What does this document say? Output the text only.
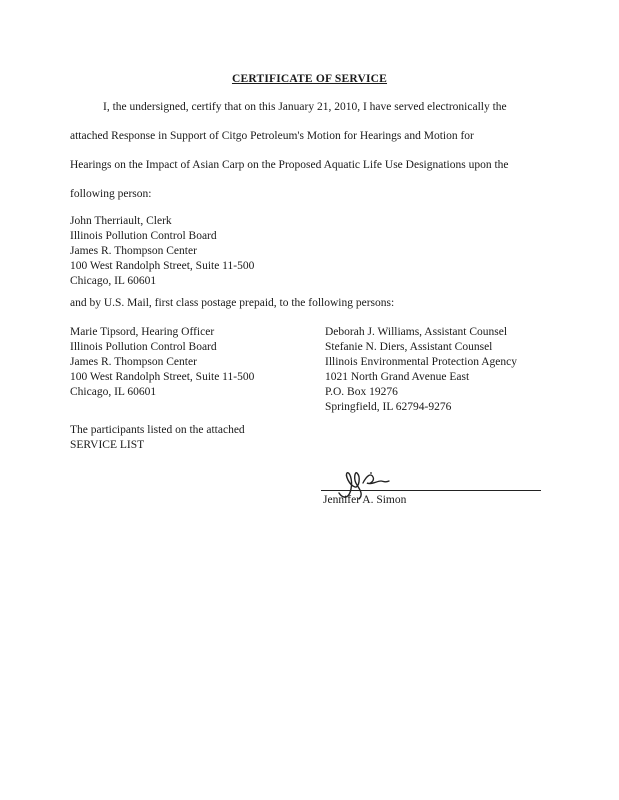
CERTIFICATE OF SERVICE
I, the undersigned, certify that on this January 21, 2010, I have served electronically the
attached Response in Support of Citgo Petroleum's Motion for Hearings and Motion for
Hearings on the Impact of Asian Carp on the Proposed Aquatic Life Use Designations upon the
following person:
John Therriault, Clerk
Illinois Pollution Control Board
James R. Thompson Center
100 West Randolph Street, Suite 11-500
Chicago, IL 60601
and by U.S. Mail, first class postage prepaid, to the following persons:
Marie Tipsord, Hearing Officer
Illinois Pollution Control Board
James R. Thompson Center
100 West Randolph Street, Suite 11-500
Chicago, IL 60601
Deborah J. Williams, Assistant Counsel
Stefanie N. Diers, Assistant Counsel
Illinois Environmental Protection Agency
1021 North Grand Avenue East
P.O. Box 19276
Springfield, IL 62794-9276
The participants listed on the attached
SERVICE LIST
Jennifer A. Simon
